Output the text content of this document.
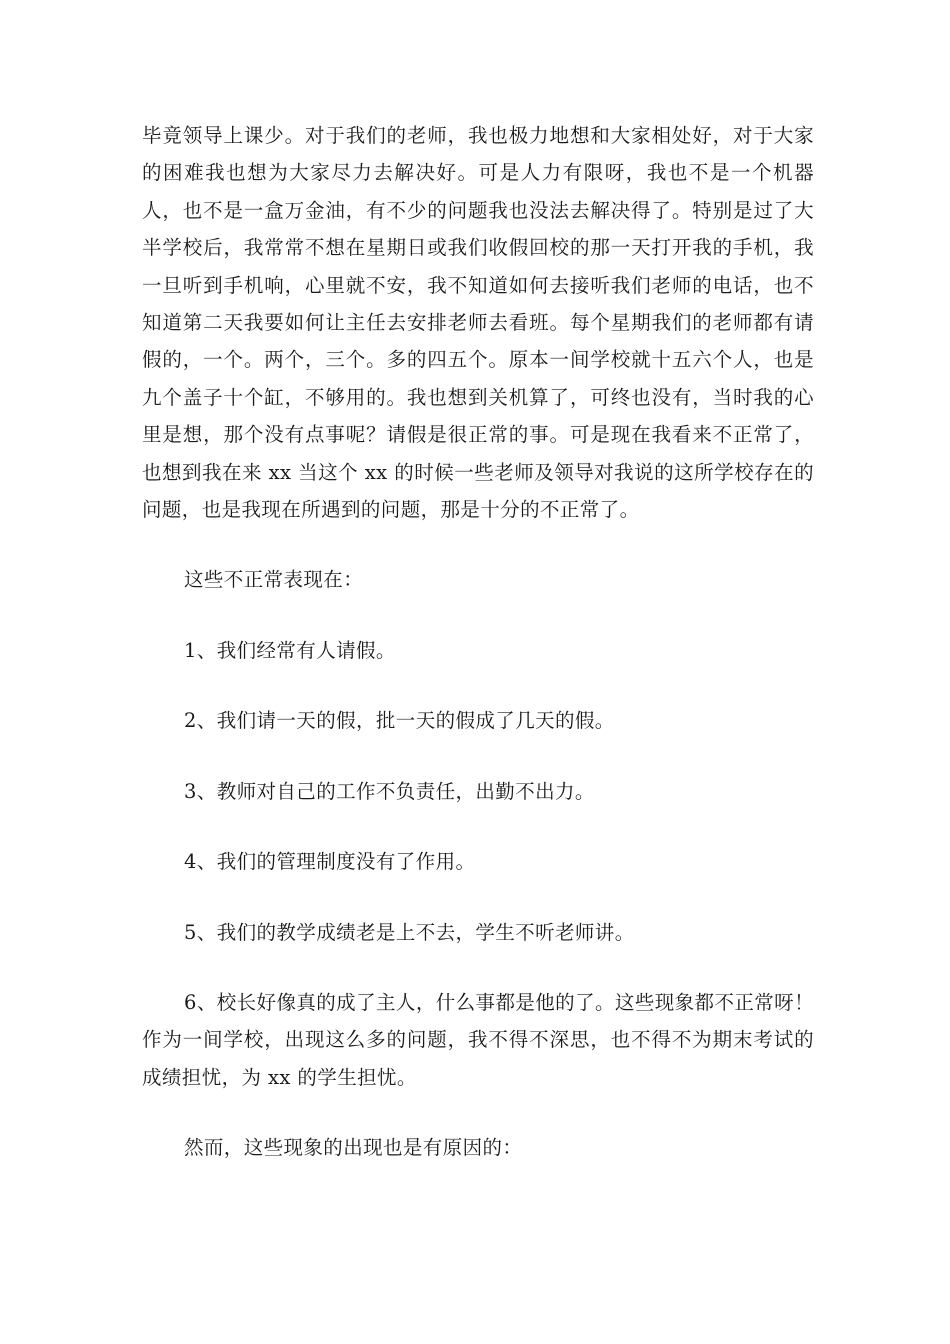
毕竟领导上课少。对于我们的老师，我也极力地想和大家相处好，对于大家的困难我也想为大家尽力去解决好。可是人力有限呀，我也不是一个机器人，也不是一盒万金油，有不少的问题我也没法去解决得了。特别是过了大半学校后，我常常不想在星期日或我们收假回校的那一天打开我的手机，我一旦听到手机响，心里就不安，我不知道如何去接听我们老师的电话，也不知道第二天我要如何让主任去安排老师去看班。每个星期我们的老师都有请假的，一个。两个，三个。多的四五个。原本一间学校就十五六个人，也是九个盖子十个缸，不够用的。我也想到关机算了，可终也没有，当时我的心里是想，那个没有点事呢？请假是很正常的事。可是现在我看来不正常了，也想到我在来 xx 当这个 xx 的时候一些老师及领导对我说的这所学校存在的问题，也是我现在所遇到的问题，那是十分的不正常了。

这些不正常表现在：

1、我们经常有人请假。

2、我们请一天的假，批一天的假成了几天的假。

3、教师对自己的工作不负责任，出勤不出力。

4、我们的管理制度没有了作用。

5、我们的教学成绩老是上不去，学生不听老师讲。

6、校长好像真的成了主人，什么事都是他的了。这些现象都不正常呀！作为一间学校，出现这么多的问题，我不得不深思，也不得不为期末考试的成绩担忧，为 xx 的学生担忧。

然而，这些现象的出现也是有原因的：
